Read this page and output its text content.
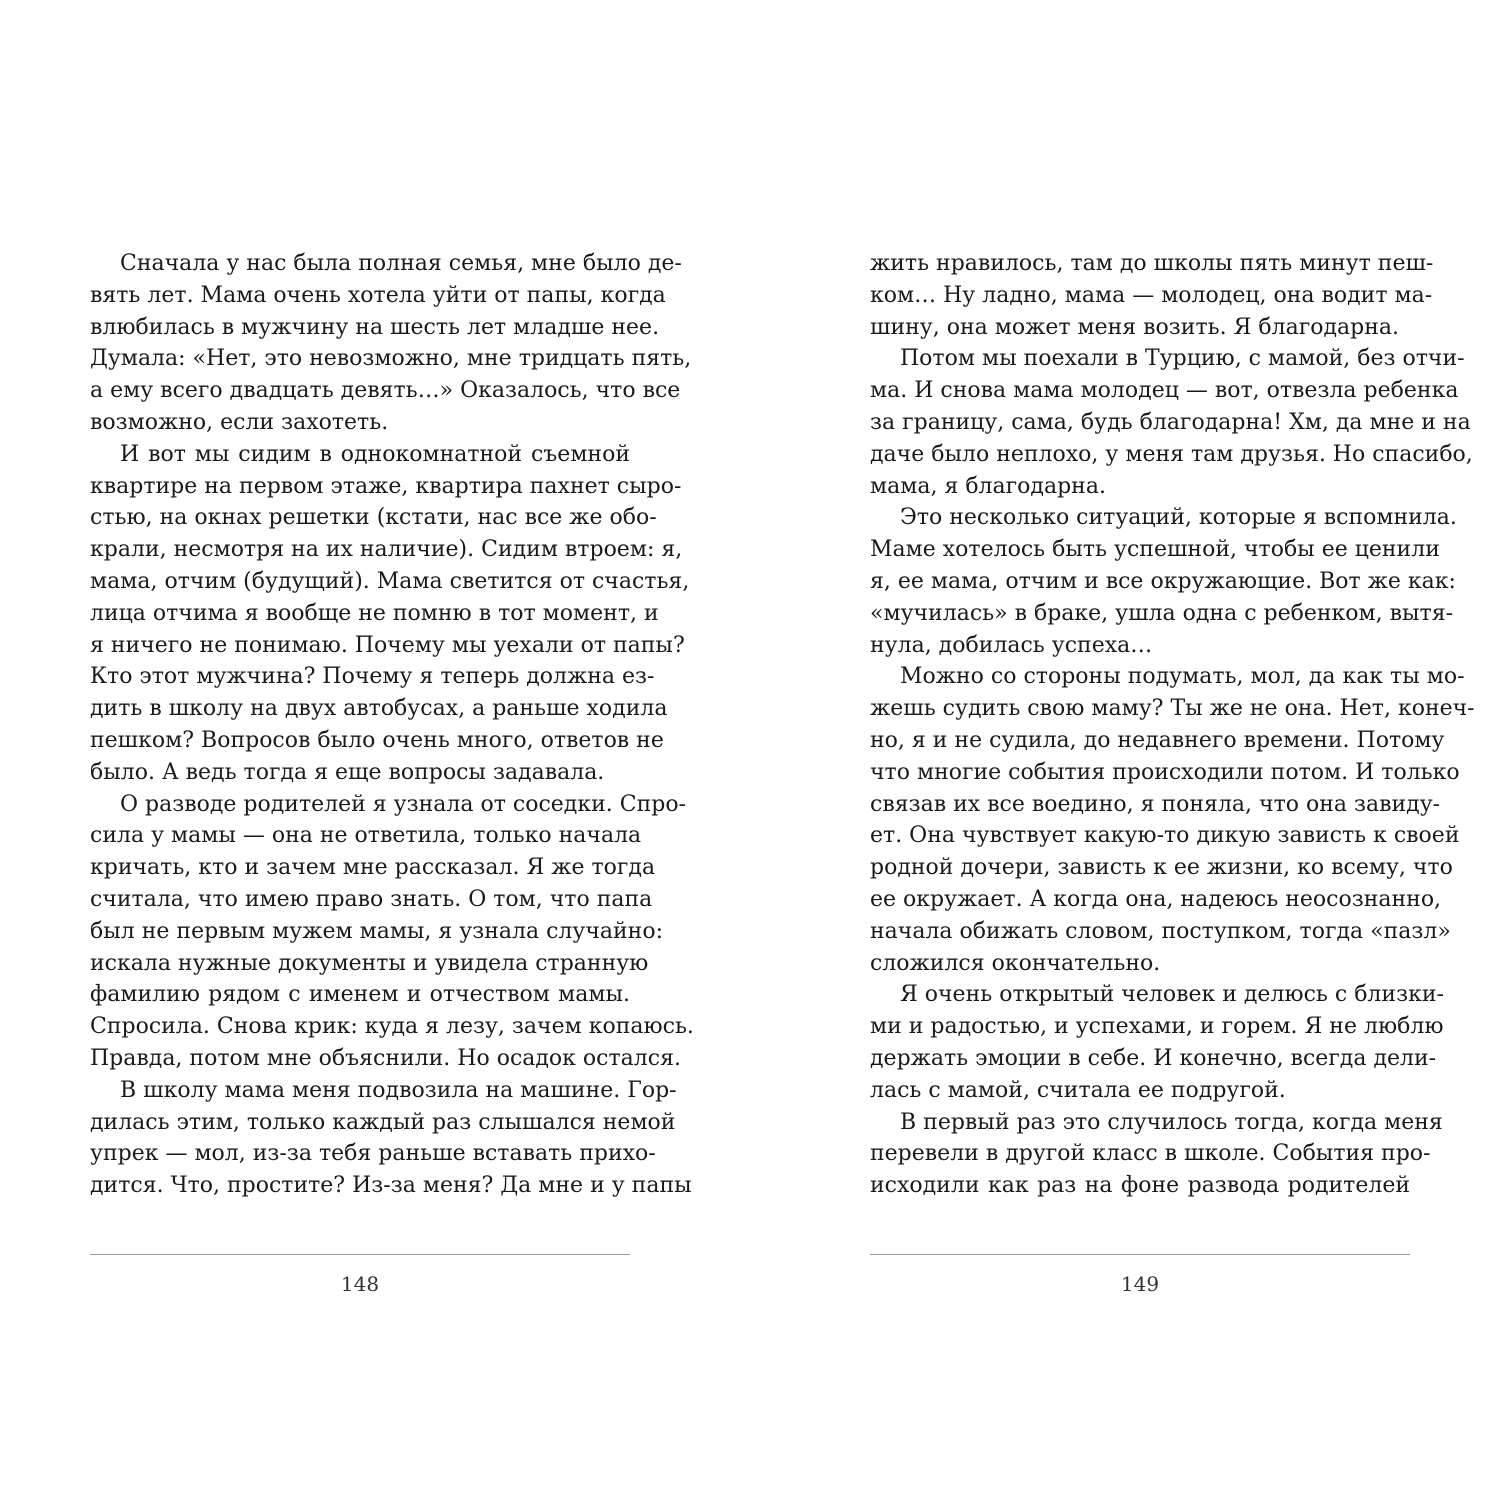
Сначала у нас была полная семья, мне было де-
вять лет. Мама очень хотела уйти от папы, когда
влюбилась в мужчину на шесть лет младше нее.
Думала: «Нет, это невозможно, мне тридцать пять,
а ему всего двадцать девять…» Оказалось, что все
возможно, если захотеть.
И вот мы сидим в однокомнатной съемной
квартире на первом этаже, квартира пахнет сыро-
стью, на окнах решетки (кстати, нас все же обо-
крали, несмотря на их наличие). Сидим втроем: я,
мама, отчим (будущий). Мама светится от счастья,
лица отчима я вообще не помню в тот момент, и
я ничего не понимаю. Почему мы уехали от папы?
Кто этот мужчина? Почему я теперь должна ез-
дить в школу на двух автобусах, а раньше ходила
пешком? Вопросов было очень много, ответов не
было. А ведь тогда я еще вопросы задавала.
О разводе родителей я узнала от соседки. Спро-
сила у мамы — она не ответила, только начала
кричать, кто и зачем мне рассказал. Я же тогда
считала, что имею право знать. О том, что папа
был не первым мужем мамы, я узнала случайно:
искала нужные документы и увидела странную
фамилию рядом с именем и отчеством мамы.
Спросила. Снова крик: куда я лезу, зачем копаюсь.
Правда, потом мне объяснили. Но осадок остался.
В школу мама меня подвозила на машине. Гор-
дилась этим, только каждый раз слышался немой
упрек — мол, из-за тебя раньше вставать прихо-
дится. Что, простите? Из-за меня? Да мне и у папы
148
жить нравилось, там до школы пять минут пеш-
ком… Ну ладно, мама — молодец, она водит ма-
шину, она может меня возить. Я благодарна.
Потом мы поехали в Турцию, с мамой, без отчи-
ма. И снова мама молодец — вот, отвезла ребенка
за границу, сама, будь благодарна! Хм, да мне и на
даче было неплохо, у меня там друзья. Но спасибо,
мама, я благодарна.
Это несколько ситуаций, которые я вспомнила.
Маме хотелось быть успешной, чтобы ее ценили
я, ее мама, отчим и все окружающие. Вот же как:
«мучилась» в браке, ушла одна с ребенком, вытя-
нула, добилась успеха…
Можно со стороны подумать, мол, да как ты мо-
жешь судить свою маму? Ты же не она. Нет, конеч-
но, я и не судила, до недавнего времени. Потому
что многие события происходили потом. И только
связав их все воедино, я поняла, что она завиду-
ет. Она чувствует какую-то дикую зависть к своей
родной дочери, зависть к ее жизни, ко всему, что
ее окружает. А когда она, надеюсь неосознанно,
начала обижать словом, поступком, тогда «пазл»
сложился окончательно.
Я очень открытый человек и делюсь с близки-
ми и радостью, и успехами, и горем. Я не люблю
держать эмоции в себе. И конечно, всегда дели-
лась с мамой, считала ее подругой.
В первый раз это случилось тогда, когда меня
перевели в другой класс в школе. События про-
исходили как раз на фоне развода родителей
149
